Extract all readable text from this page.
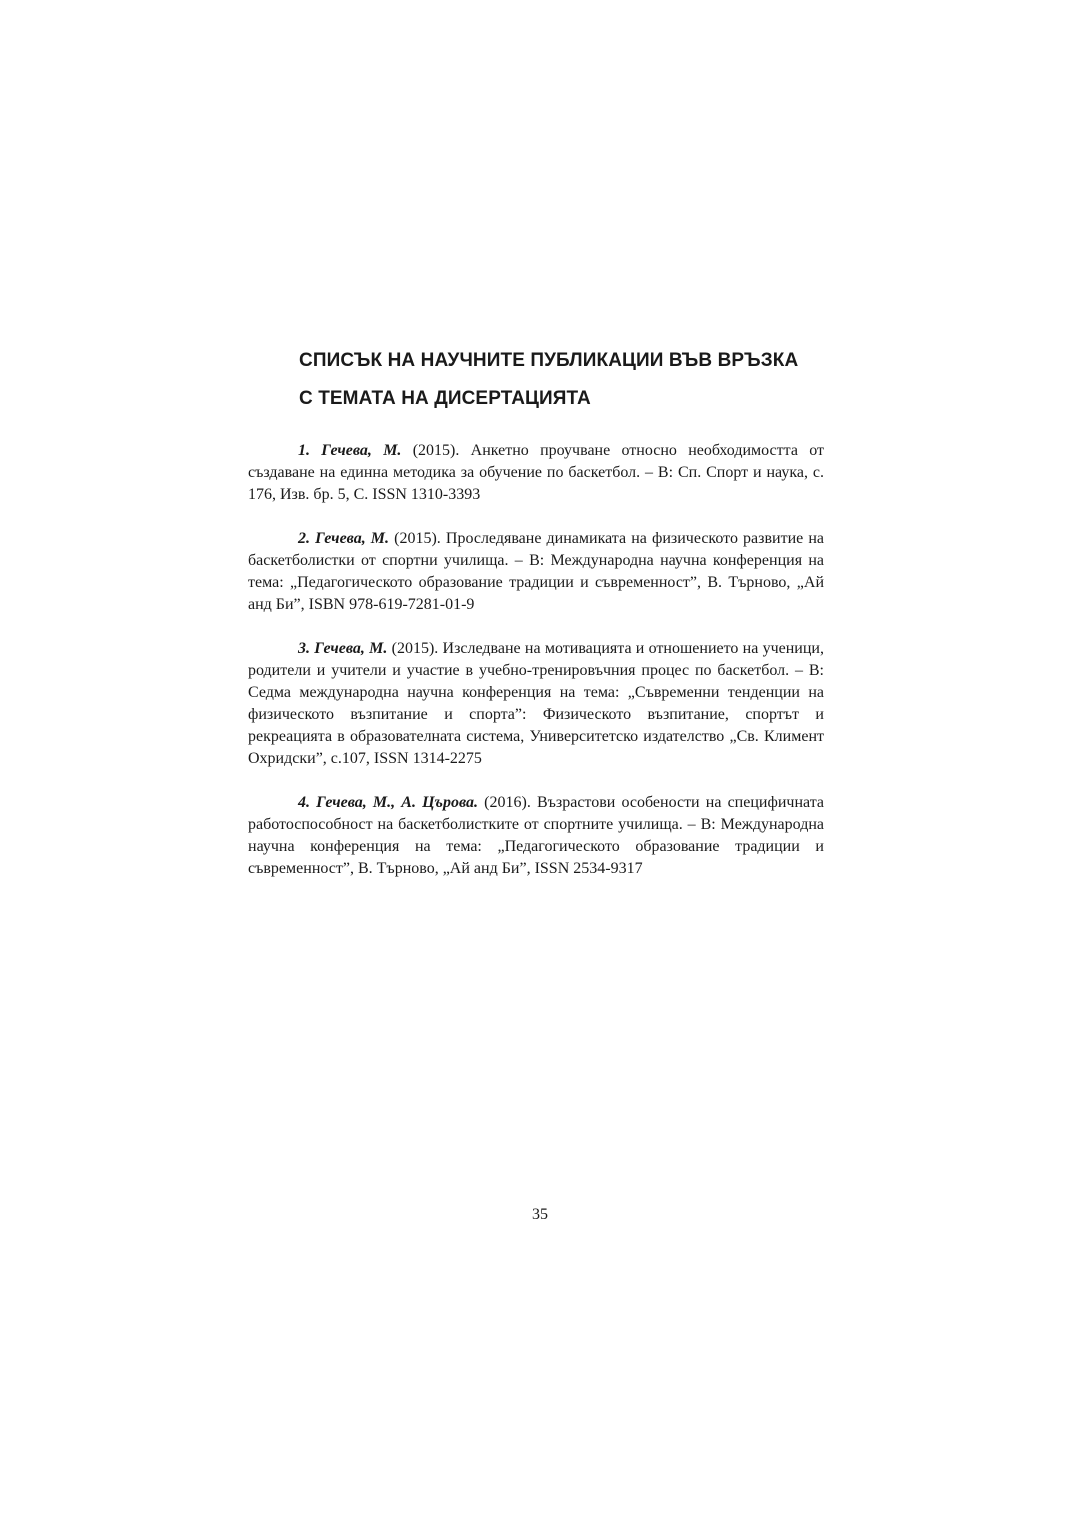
СПИСЪК НА НАУЧНИТЕ ПУБЛИКАЦИИ ВЪВ ВРЪЗКА
С ТЕМАТА НА ДИСЕРТАЦИЯТА

1. Гечева, М. (2015). Анкетно проучване относно необходимостта от създаване на единна методика за обучение по баскетбол. – В: Сп. Спорт и наука, с. 176, Изв. бр. 5, С. ISSN 1310-3393

2. Гечева, М. (2015). Проследяване динамиката на физическото развитие на баскетболистки от спортни училища. – В: Международна научна конференция на тема: „Педагогическото образование традиции и съвременност”, В. Търново, „Ай анд Би”, ISBN 978-619-7281-01-9

3. Гечева, М. (2015). Изследване на мотивацията и отношението на ученици, родители и учители и участие в учебно-тренировъчния процес по баскетбол. – В: Седма международна научна конференция на тема: „Съвременни тенденции на физическото възпитание и спорта”: Физическото възпитание, спортът и рекреацията в образователната система, Университетско издателство „Св. Климент Охридски”, с.107, ISSN 1314-2275

4. Гечева, М., А. Църова. (2016). Възрастови особености на специфичната работоспособност на баскетболистките от спортните училища. – В: Международна научна конференция на тема: „Педагогическото образование традиции и съвременност”, В. Търново, „Ай анд Би”, ISSN 2534-9317

35
